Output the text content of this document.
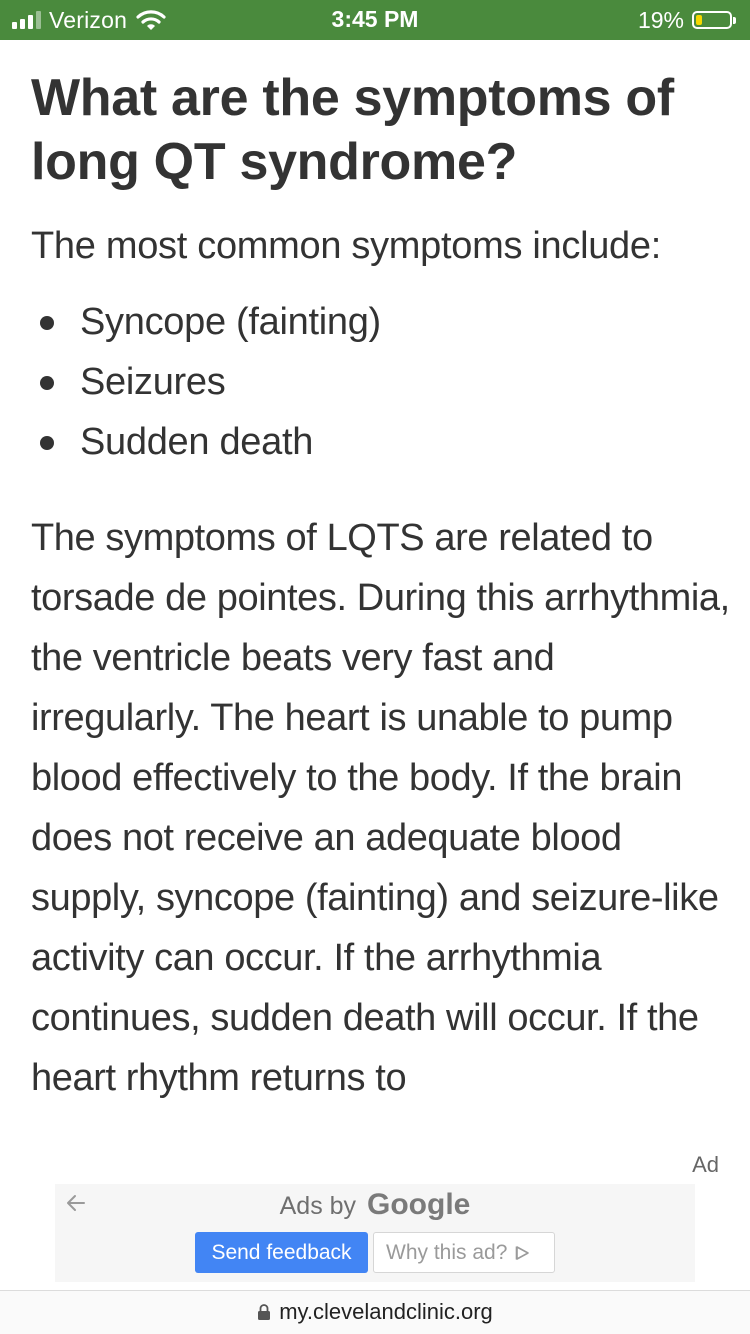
Verizon	3:45 PM	19%
What are the symptoms of long QT syndrome?

The most common symptoms include:

Syncope (fainting)
Seizures
Sudden death

The symptoms of LQTS are related to torsade de pointes. During this arrhythmia, the ventricle beats very fast and irregularly. The heart is unable to pump blood effectively to the body. If the brain does not receive an adequate blood supply, syncope (fainting) and seizure-like activity can occur. If the arrhythmia continues, sudden death will occur. If the heart rhythm returns to

Ad
Ads by Google
Send feedback	Why this ad?
my.clevelandclinic.org
